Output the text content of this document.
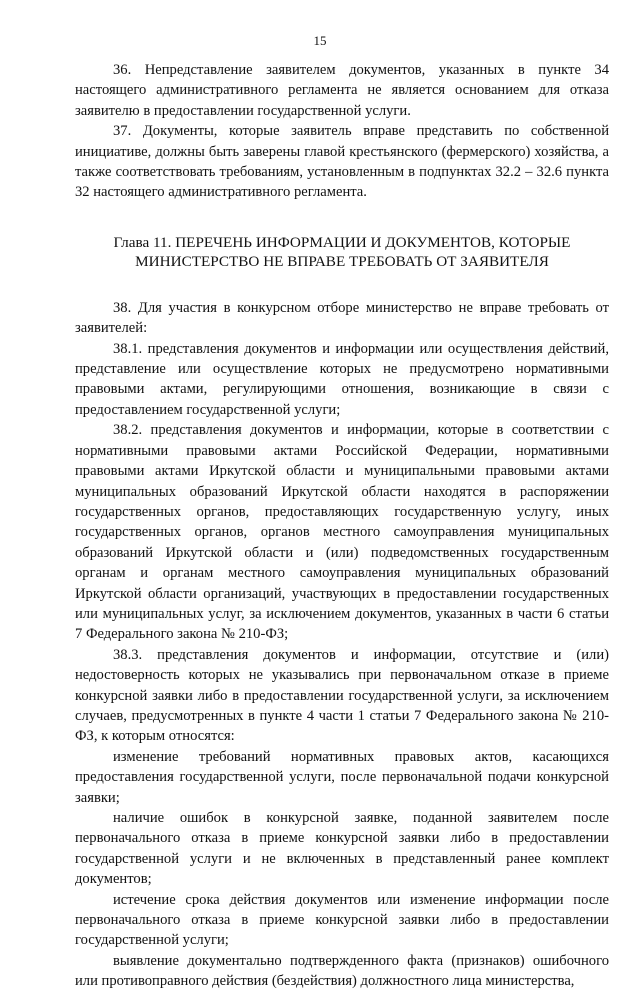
15

36. Непредставление заявителем документов, указанных в пункте 34 настоящего административного регламента не является основанием для отказа заявителю в предоставлении государственной услуги.

37. Документы, которые заявитель вправе представить по собственной инициативе, должны быть заверены главой крестьянского (фермерского) хозяйства, а также соответствовать требованиям, установленным в подпунктах 32.2 – 32.6 пункта 32 настоящего административного регламента.

Глава 11. ПЕРЕЧЕНЬ ИНФОРМАЦИИ И ДОКУМЕНТОВ, КОТОРЫЕ МИНИСТЕРСТВО НЕ ВПРАВЕ ТРЕБОВАТЬ ОТ ЗАЯВИТЕЛЯ

38. Для участия в конкурсном отборе министерство не вправе требовать от заявителей:

38.1. представления документов и информации или осуществления действий, представление или осуществление которых не предусмотрено нормативными правовыми актами, регулирующими отношения, возникающие в связи с предоставлением государственной услуги;

38.2. представления документов и информации, которые в соответствии с нормативными правовыми актами Российской Федерации, нормативными правовыми актами Иркутской области и муниципальными правовыми актами муниципальных образований Иркутской области находятся в распоряжении государственных органов, предоставляющих государственную услугу, иных государственных органов, органов местного самоуправления муниципальных образований Иркутской области и (или) подведомственных государственным органам и органам местного самоуправления муниципальных образований Иркутской области организаций, участвующих в предоставлении государственных или муниципальных услуг, за исключением документов, указанных в части 6 статьи 7 Федерального закона № 210-ФЗ;

38.3. представления документов и информации, отсутствие и (или) недостоверность которых не указывались при первоначальном отказе в приеме конкурсной заявки либо в предоставлении государственной услуги, за исключением случаев, предусмотренных в пункте 4 части 1 статьи 7 Федерального закона № 210-ФЗ, к которым относятся:

изменение требований нормативных правовых актов, касающихся предоставления государственной услуги, после первоначальной подачи конкурсной заявки;

наличие ошибок в конкурсной заявке, поданной заявителем после первоначального отказа в приеме конкурсной заявки либо в предоставлении государственной услуги и не включенных в представленный ранее комплект документов;

истечение срока действия документов или изменение информации после первоначального отказа в приеме конкурсной заявки либо в предоставлении государственной услуги;

выявление документально подтвержденного факта (признаков) ошибочного или противоправного действия (бездействия) должностного лица министерства,
